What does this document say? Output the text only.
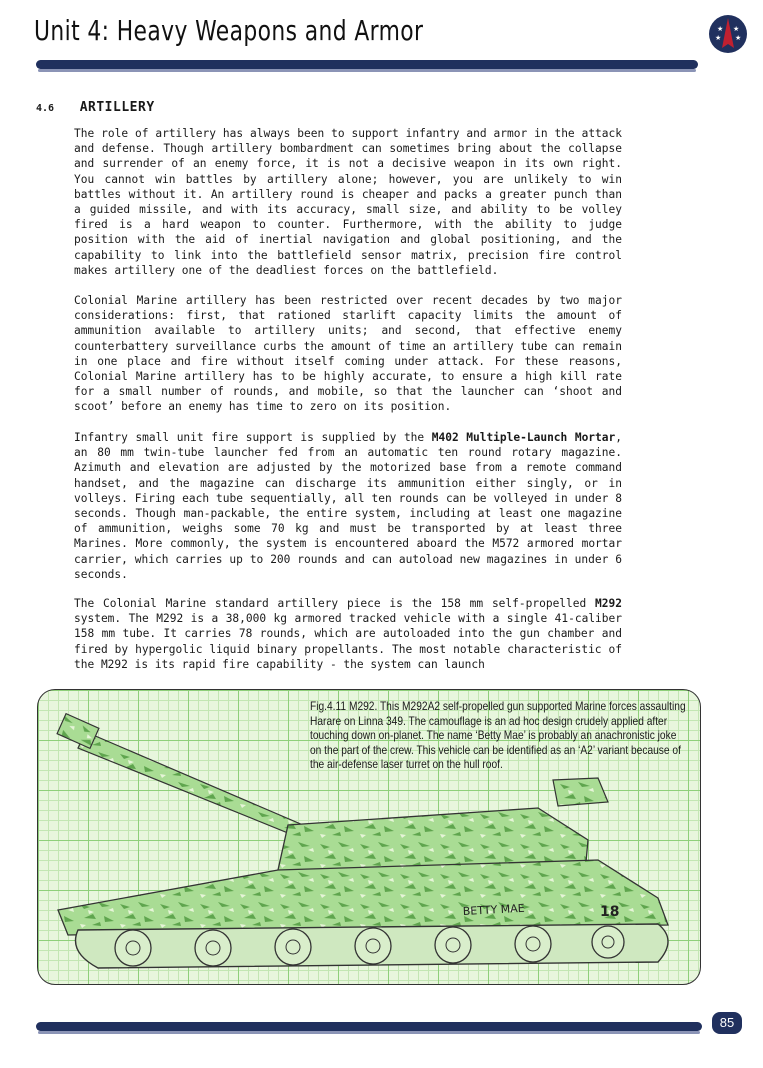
Unit 4: Heavy Weapons and Armor	★ ★
★ ★
4.6 ARTILLERY

The role of artillery has always been to support infantry and armor in the attack and defense. Though artillery bombardment can sometimes bring about the collapse and surrender of an enemy force, it is not a decisive weapon in its own right. You cannot win battles by artillery alone; however, you are unlikely to win battles without it. An artillery round is cheaper and packs a greater punch than a guided missile, and with its accuracy, small size, and ability to be volley fired is a hard weapon to counter. Furthermore, with the ability to judge position with the aid of inertial navigation and global positioning, and the capability to link into the battlefield sensor matrix, precision fire control makes artillery one of the deadliest forces on the battlefield.

Colonial Marine artillery has been restricted over recent decades by two major considerations: first, that rationed starlift capacity limits the amount of ammunition available to artillery units; and second, that effective enemy counterbattery surveillance curbs the amount of time an artillery tube can remain in one place and fire without itself coming under attack. For these reasons, Colonial Marine artillery has to be highly accurate, to ensure a high kill rate for a small number of rounds, and mobile, so that the launcher can ‘shoot and scoot’ before an enemy has time to zero on its position.

Infantry small unit fire support is supplied by the M402 Multiple-Launch Mortar, an 80 mm twin-tube launcher fed from an automatic ten round rotary magazine. Azimuth and elevation are adjusted by the motorized base from a remote command handset, and the magazine can discharge its ammunition either singly, or in volleys. Firing each tube sequentially, all ten rounds can be volleyed in under 8 seconds. Though man-packable, the entire system, including at least one magazine of ammunition, weighs some 70 kg and must be transported by at least three Marines. More commonly, the system is encountered aboard the M572 armored mortar carrier, which carries up to 200 rounds and can autoload new magazines in under 6 seconds.

The Colonial Marine standard artillery piece is the 158 mm self-propelled M292 system. The M292 is a 38,000 kg armored tracked vehicle with a single 41-caliber 158 mm tube. It carries 78 rounds, which are autoloaded into the gun chamber and fired by hypergolic liquid binary propellants. The most notable characteristic of the M292 is its rapid fire capability - the system can launch

BETTY MAE	18
Fig.4.11 M292. This M292A2 self-propelled gun supported Marine forces assaulting Harare on Linna 349. The camouflage is an ad hoc design crudely applied after touching down on-planet. The name ‘Betty Mae’ is probably an anachronistic joke on the part of the crew. This vehicle can be identified as an ‘A2’ variant because of the air-defense laser turret on the hull roof.
85
